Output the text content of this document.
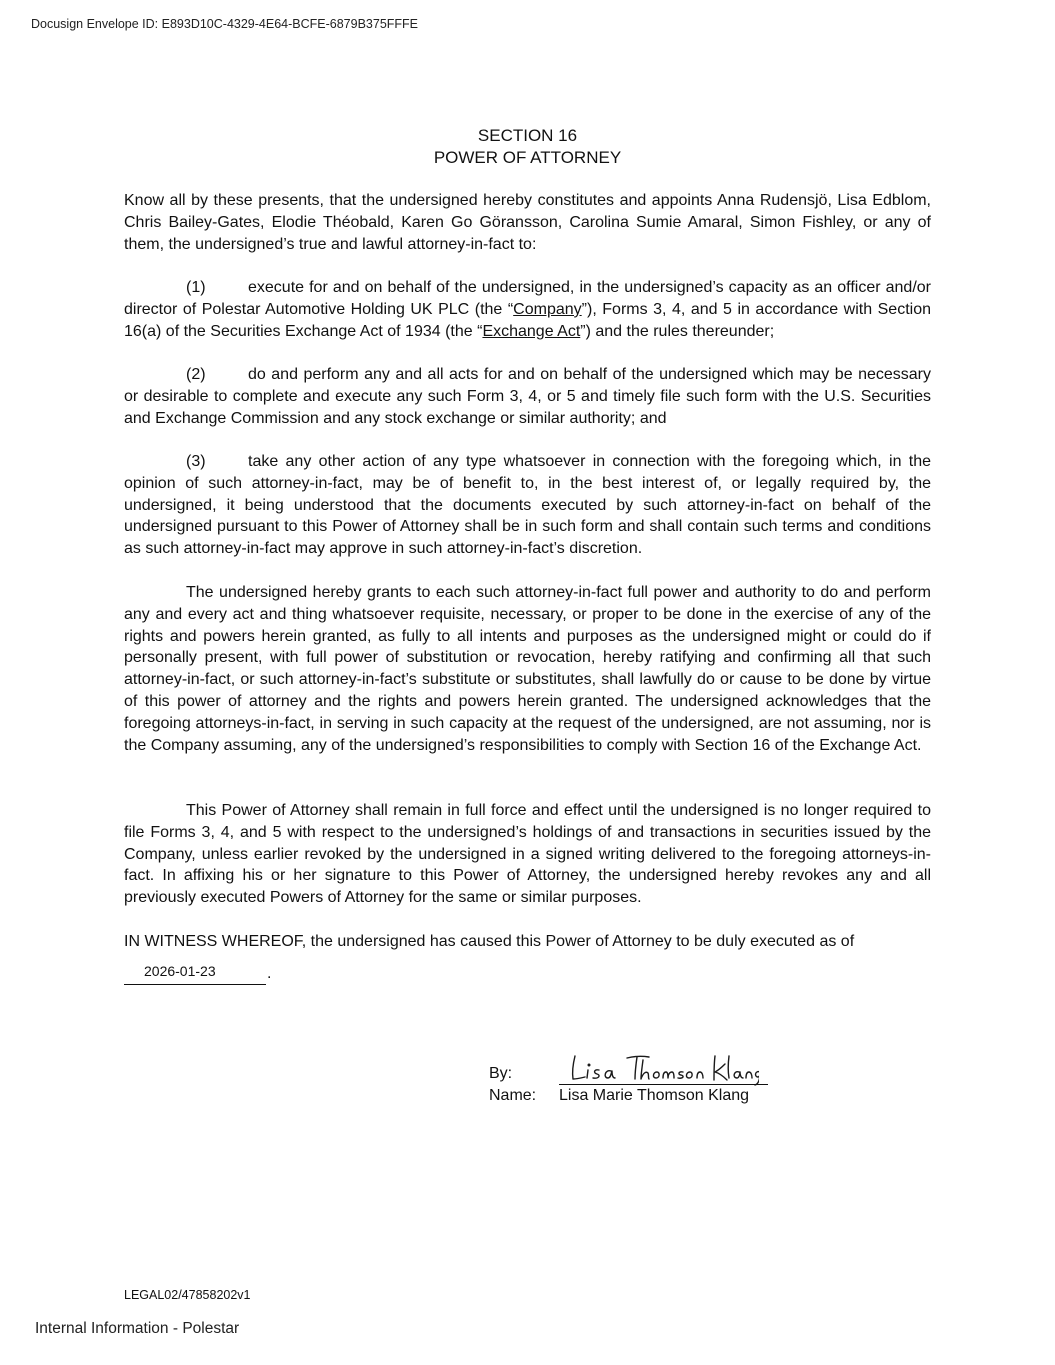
Docusign Envelope ID: E893D10C-4329-4E64-BCFE-6879B375FFFE
SECTION 16
POWER OF ATTORNEY

Know all by these presents, that the undersigned hereby constitutes and appoints Anna Rudensjö, Lisa Edblom, Chris Bailey-Gates, Elodie Théobald, Karen Go Göransson, Carolina Sumie Amaral, Simon Fishley, or any of them, the undersigned’s true and lawful attorney-in-fact to:

(1)	execute for and on behalf of the undersigned, in the undersigned’s capacity as an officer and/or director of Polestar Automotive Holding UK PLC (the “Company”), Forms 3, 4, and 5 in accordance with Section 16(a) of the Securities Exchange Act of 1934 (the “Exchange Act”) and the rules thereunder;

(2)	do and perform any and all acts for and on behalf of the undersigned which may be necessary or desirable to complete and execute any such Form 3, 4, or 5 and timely file such form with the U.S. Securities and Exchange Commission and any stock exchange or similar authority; and

(3)	take any other action of any type whatsoever in connection with the foregoing which, in the opinion of such attorney-in-fact, may be of benefit to, in the best interest of, or legally required by, the undersigned, it being understood that the documents executed by such attorney-in-fact on behalf of the undersigned pursuant to this Power of Attorney shall be in such form and shall contain such terms and conditions as such attorney-in-fact may approve in such attorney-in-fact’s discretion.

The undersigned hereby grants to each such attorney-in-fact full power and authority to do and perform any and every act and thing whatsoever requisite, necessary, or proper to be done in the exercise of any of the rights and powers herein granted, as fully to all intents and purposes as the undersigned might or could do if personally present, with full power of substitution or revocation, hereby ratifying and confirming all that such attorney-in-fact, or such attorney-in-fact’s substitute or substitutes, shall lawfully do or cause to be done by virtue of this power of attorney and the rights and powers herein granted. The undersigned acknowledges that the foregoing attorneys-in-fact, in serving in such capacity at the request of the undersigned, are not assuming, nor is the Company assuming, any of the undersigned’s responsibilities to comply with Section 16 of the Exchange Act.

This Power of Attorney shall remain in full force and effect until the undersigned is no longer required to file Forms 3, 4, and 5 with respect to the undersigned’s holdings of and transactions in securities issued by the Company, unless earlier revoked by the undersigned in a signed writing delivered to the foregoing attorneys-in-fact. In affixing his or her signature to this Power of Attorney, the undersigned hereby revokes any and all previously executed Powers of Attorney for the same or similar purposes.

IN WITNESS WHEREOF, the undersigned has caused this Power of Attorney to be duly executed as of

2026-01-23	.
By:
Name: Lisa Marie Thomson Klang
LEGAL02/47858202v1
Internal Information - Polestar
